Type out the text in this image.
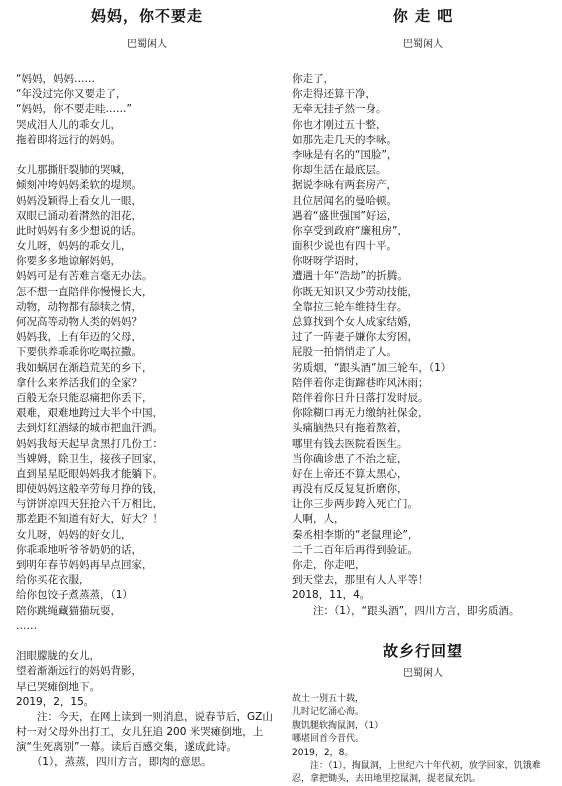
妈妈，你不要走

巴蜀闲人

“妈妈，妈妈……
“年没过完你又要走了，
“妈妈，你不要走哇……”
哭成泪人儿的乖女儿，
拖着即将远行的妈妈。
女儿那撕肝裂肺的哭喊，
倾刻冲垮妈妈柔软的堤坝。
妈妈没颖得上看女儿一眼，
双眼已涌动着潸然的泪花，
此时妈妈有多少想说的话。
女儿呀，妈妈的乖女儿，
你要多多地谅解妈妈，
妈妈可是有苦难言毫无办法。
怎不想一直陪伴你慢慢长大，
动物，动物都有舔犊之情，
何况高等动物人类的妈妈？
妈妈我，上有年迈的父母，
下要供养乖乖你吃喝拉撒。
我如蜗居在渐趋荒芜的乡下，
拿什么来养活我们的全家？
百般无奈只能忍痛把你丢下，
艰难，艰难地跨过大半个中国，
去到灯红酒绿的城市把血汗洒。
妈妈我每天起早贪黑打几份工：
当婢姆，除卫生，接孩子回家，
直到星星眨眼妈妈我才能躺下。
即使妈妈这般辛劳每月挣的钱，
与饼饼凉四天狂抢六千万相比，
那差距不知道有好大，好大？！
女儿呀，妈妈的好女儿，
你乖乖地听爷爷奶奶的话，
到明年春节妈妈再早点回家，
给你买花衣服，
给你包饺子煮蒸蒸，（1）
陪你跳绳藏猫猫玩耍，
……
泪眼朦胧的女儿，
望着渐渐远行的妈妈背影，
早已哭瘫倒地下。
2019，2，15。

　　注：今天，在网上读到一则消息，说春节后，GZ山村一对父母外出打工，女儿狂追 200 米哭瘫倒地，上演“生死离别”一幕。读后百感交集，遂成此诗。

　　（1），蒸蒸，四川方言，即肉的意思。

你 走 吧

巴蜀闲人

你走了，
你走得还算干净，
无牵无挂孑然一身。
你也才刚过五十整，
如那先走几天的李咏。
李咏是有名的“国脸”，
你却生活在最底层。
据说李咏有两套房产，
且位居闻名的曼哈顿。
遇着“盛世强国”好运，
你享受到政府“廉租房”，
面积少说也有四十平。
你呀呀学语时，
遭遇十年“浩劫”的折腾。
你既无知识又少劳动技能，
全靠拉三轮车维持生存。
总算找到个女人成家结婚，
过了一阵妻子嫌你太穷困，
屁股一拍悄悄走了人。
劣质烟，“跟头酒”加三轮车，（1）
陪伴着你走街蹿巷昨风沐雨；
陪伴着你日升日落打发时辰。
你除糊口再无力缴纳社保金，
头痛脑热只有拖着熬着，
哪里有钱去医院看医生。
当你确诊患了不治之症，
好在上帝还不算太黑心，
再没有反反复复折磨你，
让你三步两步跨入死亡门。
人啊，人，
秦丞相李斯的“老鼠理论”，
二千二百年后再得到验证。
你走，你走吧，
到天堂去，那里有人人平等！
2018，11，4。

　　注：（1），“跟头酒”，四川方言，即劣质酒。

故乡行回望

巴蜀闲人

故土一别五十载，
儿时记忆涌心海。
腹饥腿软掏鼠洞，（1）
哪堪回首今昔代。
2019，2，8。

　　注：（1），掏鼠洞，上世纪六十年代初，放学回家，饥饿难忍，拿把锄头，去田地里挖鼠洞，捉老鼠充饥。
